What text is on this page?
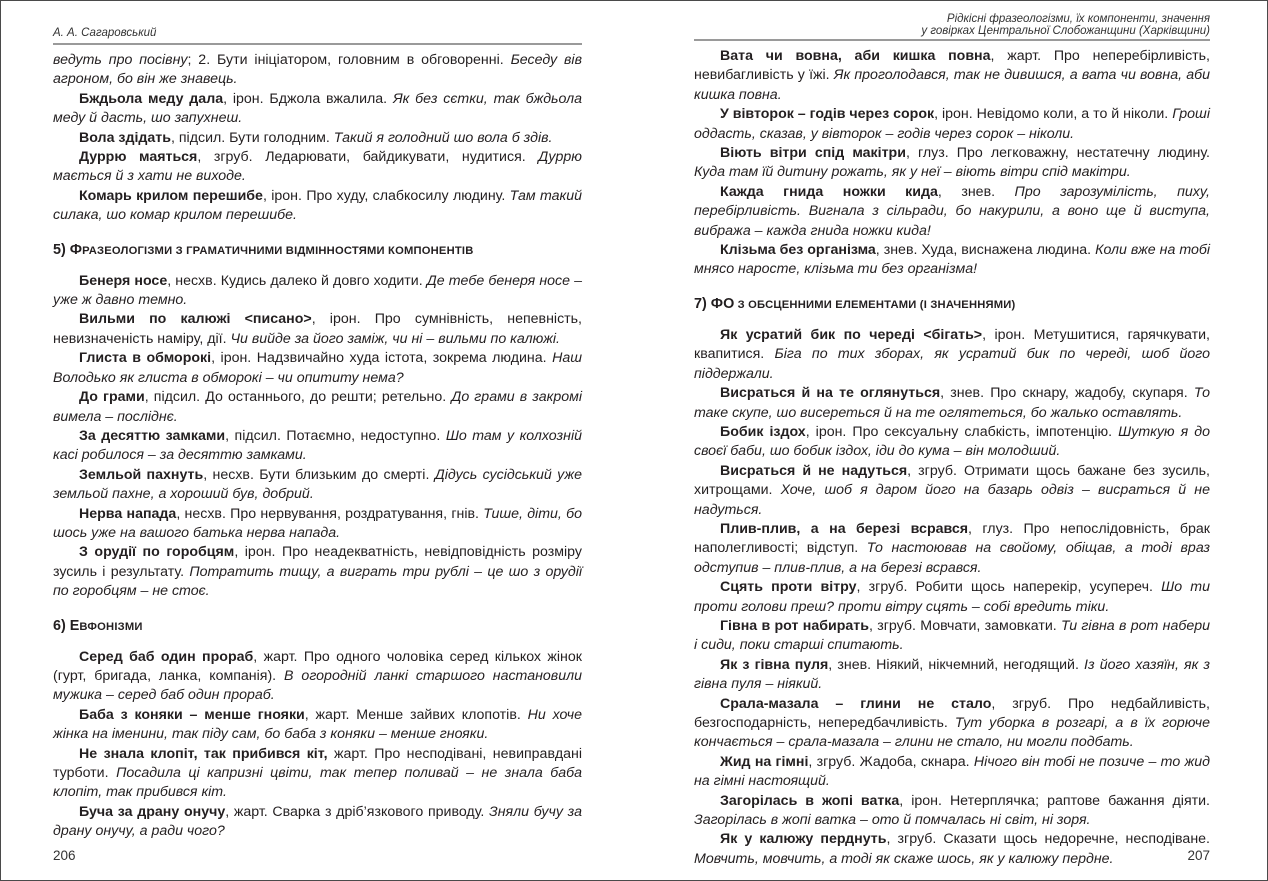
А. А. Сагаровський

ведуть про посівну; 2. Бути ініціатором, головним в обговоренні. Беседу вів агроном, бо він же знавець.

Бждьола меду дала, ірон. Бджола вжалила. Як без сєтки, так бждьола меду й дасть, шо запухнеш.

Вола здідать, підсил. Бути голодним. Такий я голодний шо вола б здів.

Дуррю маяться, згруб. Ледарювати, байдикувати, нудитися. Дуррю мається й з хати не виходе.

Комарь крилом перешибе, ірон. Про худу, слабкосилу людину. Там такий силака, шо комар крилом перешибе.

5) ФРАЗЕОЛОГІЗМИ З ГРАМАТИЧНИМИ ВІДМІННОСТЯМИ КОМПОНЕНТІВ

Бенеря носе, несхв. Кудись далеко й довго ходити. Де тебе бенеря носе – уже ж давно темно.

Вильми по калюжі <писано>, ірон. Про сумнівність, непевність, невизначеність наміру, дії. Чи вийде за його заміж, чи ні – вильми по калюжі.

Глиста в обморокі, ірон. Надзвичайно худа істота, зокрема людина. Наш Володько як глиста в обморокі – чи опититу нема?

До грами, підсил. До останнього, до решти; ретельно. До грами в закромі вимела – посліднє.

За десяттю замками, підсил. Потаємно, недоступно. Шо там у колхозній касі робилося – за десяттю замками.

Земльой пахнуть, несхв. Бути близьким до смерті. Дідусь сусідський уже земльой пахне, а хороший був, добрий.

Нерва напада, несхв. Про нервування, роздратування, гнів. Тише, діти, бо шось уже на вашого батька нерва напада.

З орудії по горобцям, ірон. Про неадекватність, невідповідність розміру зусиль і результату. Потратить тищу, а виграть три рублі – це шо з орудії по горобцям – не стоє.

6) ЕВФОНІЗМИ

Серед баб один прораб, жарт. Про одного чоловіка серед кількох жінок (гурт, бригада, ланка, компанія). В огородній ланкі старшого настановили мужика – серед баб один прораб.

Баба з коняки – менше гнояки, жарт. Менше зайвих клопотів. Ни хоче жінка на іменини, так піду сам, бо баба з коняки – менше гнояки.

Не знала клопіт, так прибився кіт, жарт. Про несподівані, невиправдані турботи. Посадила ці капризні цвіти, так тепер поливай – не знала баба клопіт, так прибився кіт.

Буча за драну онучу, жарт. Сварка з дріб’язкового приводу. Зняли бучу за драну онучу, а ради чого?

206
Рідкісні фразеологізми, їх компоненти, значення
у говірках Центральної Слобожанщини (Харківщини)

Вата чи вовна, аби кишка повна, жарт. Про неперебірливість, невибагливість у їжі. Як проголодався, так не дивишся, а вата чи вовна, аби кишка повна.

У вівторок – годів через сорок, ірон. Невідомо коли, а то й ніколи. Гроші оддасть, сказав, у вівторок – годів через сорок – ніколи.

Віють вітри спід макітри, глуз. Про легковажну, нестатечну людину. Куда там їй дитину рожать, як у неї – віють вітри спід макітри.

Кажда гнида ножки кида, знев. Про зарозумілість, пиху, перебірливість. Вигнала з сільради, бо накурили, а воно ще й виступа, вибража – кажда гнида ножки кида!

Клізьма без організма, знев. Худа, виснажена людина. Коли вже на тобі мнясо наросте, клізьма ти без організма!

7) ФО З ОБСЦЕННИМИ ЕЛЕМЕНТАМИ (І ЗНАЧЕННЯМИ)

Як усратий бик по череді <бігать>, ірон. Метушитися, гарячкувати, квапитися. Біга по тих зборах, як усратий бик по череді, шоб його піддержали.

Висраться й на те оглянуться, знев. Про скнару, жадобу, скупаря. То таке скупе, шо висереться й на те оглятеться, бо жалько оставлять.

Бобик іздох, ірон. Про сексуальну слабкість, імпотенцію. Шуткую я до своєї баби, шо бобик іздох, іди до кума – він молодший.

Висраться й не надуться, згруб. Отримати щось бажане без зусиль, хитрощами. Хоче, шоб я даром його на базарь одвіз – висраться й не надуться.

Плив-плив, а на березі всрався, глуз. Про непослідовність, брак наполегливості; відступ. То настоював на свойому, обіщав, а тоді враз одступив – плив-плив, а на березі всрався.

Сцять проти вітру, згруб. Робити щось наперекір, усупереч. Шо ти проти голови преш? проти вітру сцять – собі вредить тіки.

Гівна в рот набирать, згруб. Мовчати, замовкати. Ти гівна в рот набери і сиди, поки старші спитають.

Як з гівна пуля, знев. Ніякий, нікчемний, негодящий. Із його хазяїн, як з гівна пуля – ніякий.

Срала-мазала – глини не стало, згруб. Про недбайливість, безгосподарність, непередбачливість. Тут уборка в розгарі, а в їх горюче кончається – срала-мазала – глини не стало, ни могли подбать.

Жид на гімні, згруб. Жадоба, скнара. Нічого він тобі не позиче – то жид на гімні настоящий.

Загорілась в жопі ватка, ірон. Нетерплячка; раптове бажання діяти. Загорілась в жопі ватка – ото й помчалась ні світ, ні зоря.

Як у калюжу перднуть, згруб. Сказати щось недоречне, несподіване. Мовчить, мовчить, а тоді як скаже шось, як у калюжу перднe.	207
